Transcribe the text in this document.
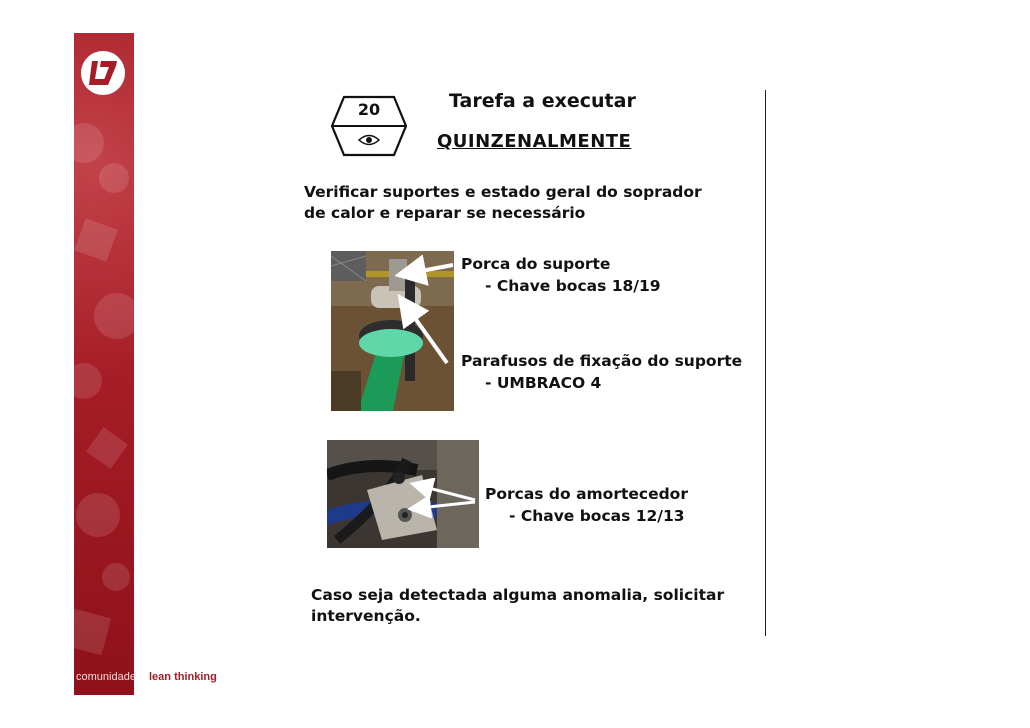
comunidade lean thinking
20	Tarefa a executar
QUINZENALMENTE
Verificar suportes e estado geral do soprador de calor e reparar se necessário
Porca do suporte
- Chave bocas 18/19
Parafusos de fixação do suporte
- UMBRACO 4
Porcas do amortecedor
- Chave bocas 12/13
Caso seja detectada alguma anomalia, solicitar intervenção.
